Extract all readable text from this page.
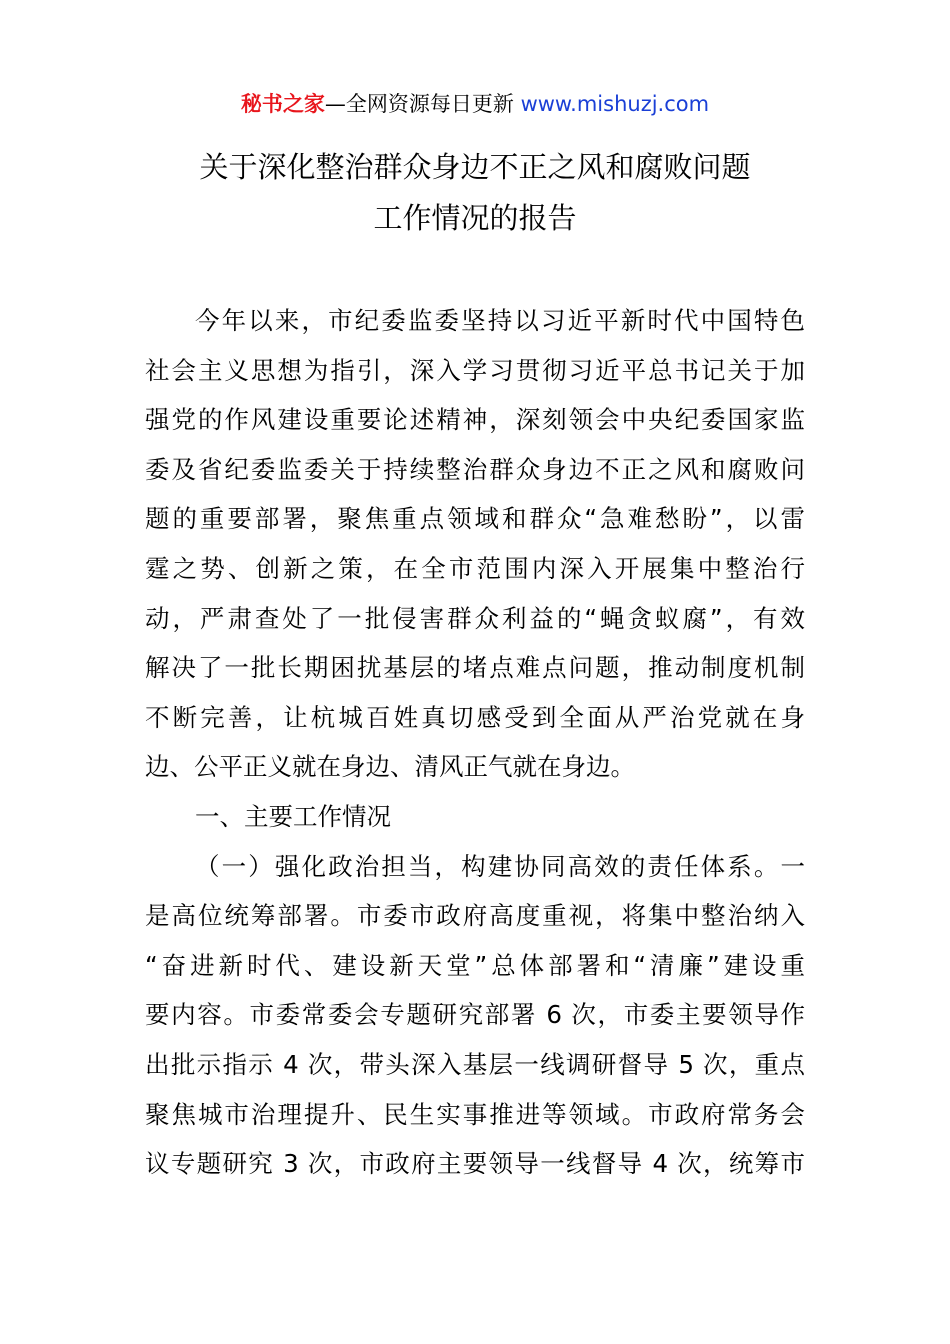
秘书之家—全网资源每日更新 www.mishuzj.com
关于深化整治群众身边不正之风和腐败问题
工作情况的报告
今年以来，市纪委监委坚持以习近平新时代中国特色
社会主义思想为指引，深入学习贯彻习近平总书记关于加
强党的作风建设重要论述精神，深刻领会中央纪委国家监
委及省纪委监委关于持续整治群众身边不正之风和腐败问
题的重要部署，聚焦重点领域和群众“急难愁盼”，以雷
霆之势、创新之策，在全市范围内深入开展集中整治行
动，严肃查处了一批侵害群众利益的“蝇贪蚁腐”，有效
解决了一批长期困扰基层的堵点难点问题，推动制度机制
不断完善，让杭城百姓真切感受到全面从严治党就在身
边、公平正义就在身边、清风正气就在身边。
一、主要工作情况
（一）强化政治担当，构建协同高效的责任体系。一
是高位统筹部署。市委市政府高度重视，将集中整治纳入
“奋进新时代、建设新天堂”总体部署和“清廉”建设重
要内容。市委常委会专题研究部署 6 次，市委主要领导作
出批示指示 4 次，带头深入基层一线调研督导 5 次，重点
聚焦城市治理提升、民生实事推进等领域。市政府常务会
议专题研究 3 次，市政府主要领导一线督导 4 次，统筹市
